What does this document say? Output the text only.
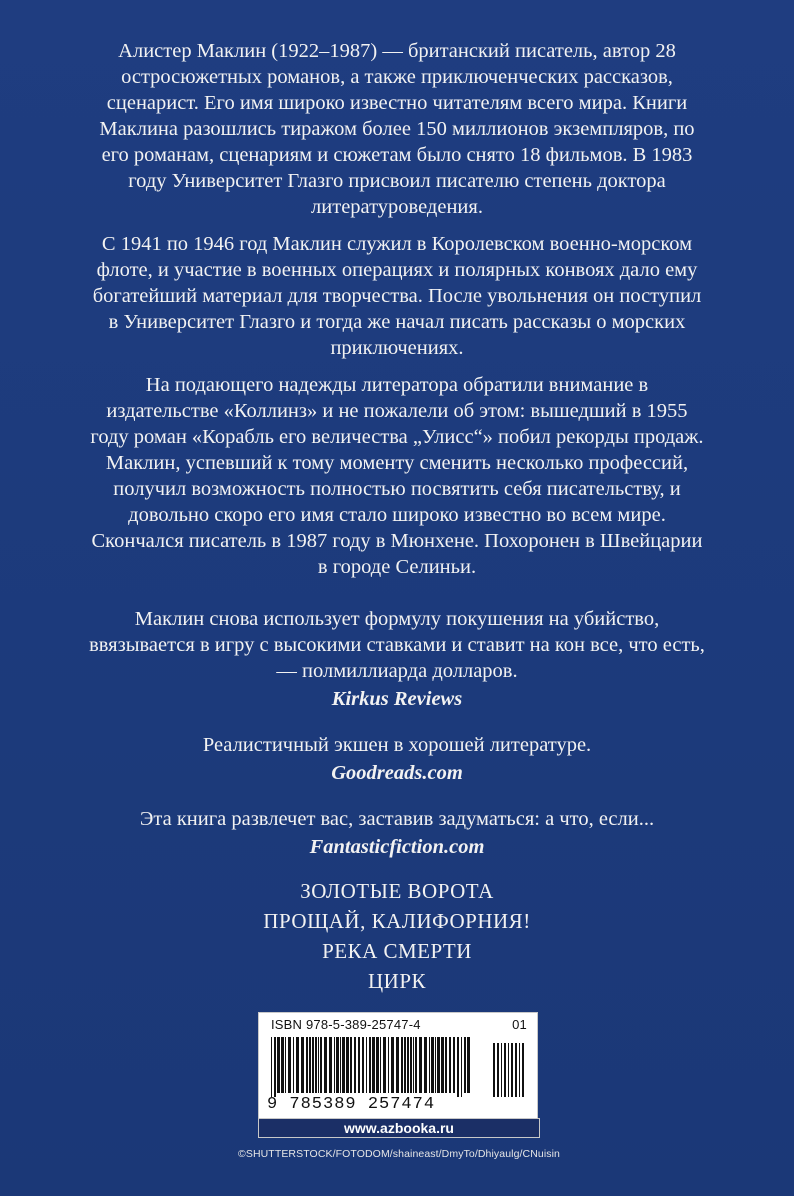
Алистер Маклин (1922–1987) — британский писатель, автор 28 остросюжетных романов, а также приключенческих рассказов, сценарист. Его имя широко известно читателям всего мира. Книги Маклина разошлись тиражом более 150 миллионов экземпляров, по его романам, сценариям и сюжетам было снято 18 фильмов. В 1983 году Университет Глазго присвоил писателю степень доктора литературоведения.

С 1941 по 1946 год Маклин служил в Королевском военно-морском флоте, и участие в военных операциях и полярных конвоях дало ему богатейший материал для творчества. После увольнения он поступил в Университет Глазго и тогда же начал писать рассказы о морских приключениях.

На подающего надежды литератора обратили внимание в издательстве «Коллинз» и не пожалели об этом: вышедший в 1955 году роман «Корабль его величества „Улисс“» побил рекорды продаж. Маклин, успевший к тому моменту сменить несколько профессий, получил возможность полностью посвятить себя писательству, и довольно скоро его имя стало широко известно во всем мире. Скончался писатель в 1987 году в Мюнхене. Похоронен в Швейцарии в городе Селиньи.

Маклин снова использует формулу покушения на убийство, ввязывается в игру с высокими ставками и ставит на кон все, что есть, — полмиллиарда долларов.
Kirkus Reviews
Реалистичный экшен в хорошей литературе.
Goodreads.com
Эта книга развлечет вас, заставив задуматься: а что, если...
Fantasticfiction.com
ЗОЛОТЫЕ ВОРОТА
ПРОЩАЙ, КАЛИФОРНИЯ!
РЕКА СМЕРТИ
ЦИРК
ISBN 978-5-389-25747-4	01
9 785389 257474
www.azbooka.ru
©SHUTTERSTOCK/FOTODOM/shaineast/DmyTo/Dhiyaulg/CNuisin
